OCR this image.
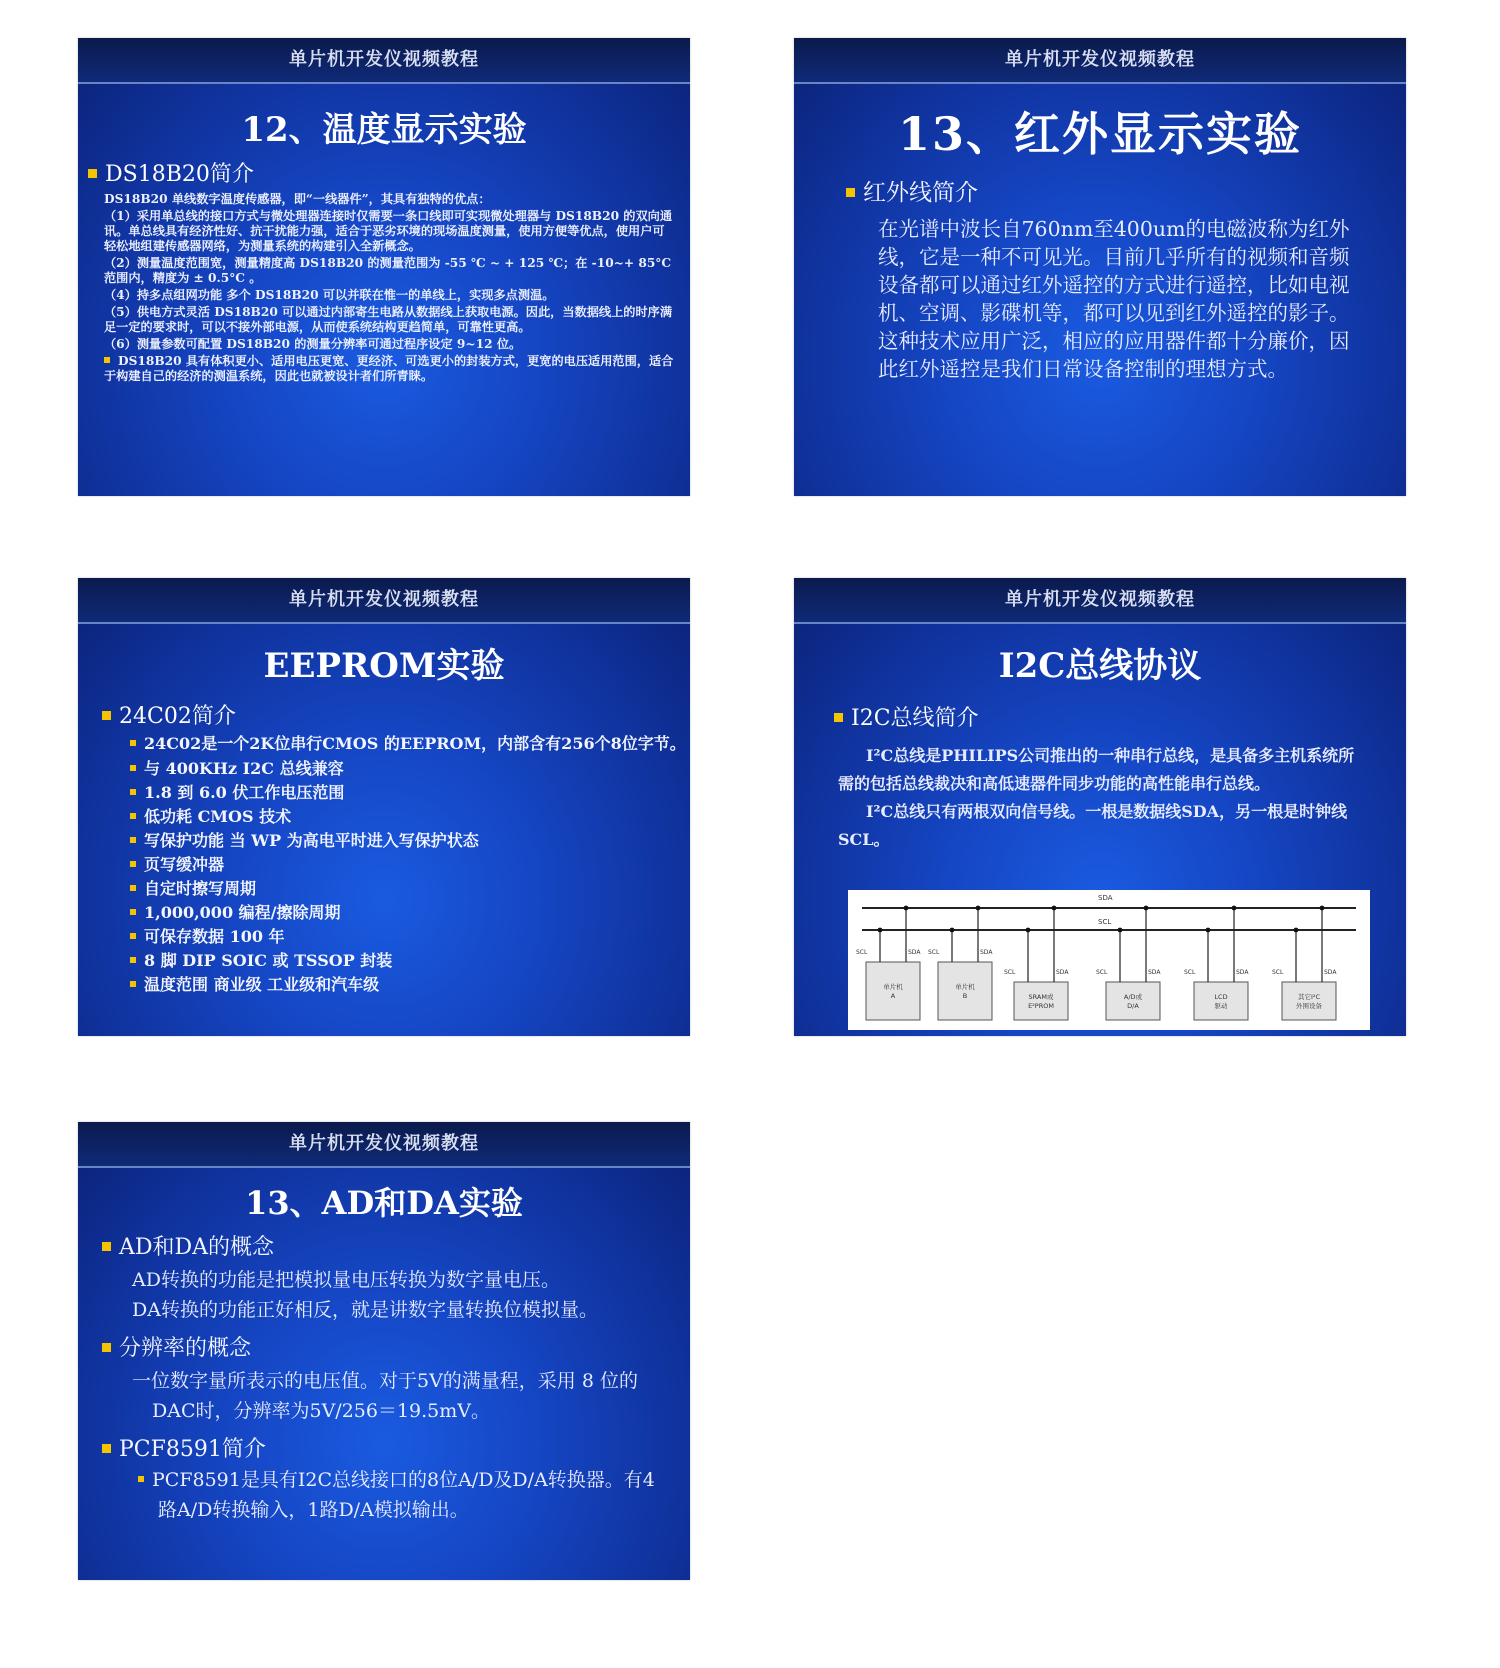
单片机开发仪视频教程
12、温度显示实验
DS18B20简介

DS18B20 单线数字温度传感器，即“一线器件”，其具有独特的优点：

（1）采用单总线的接口方式与微处理器连接时仅需要一条口线即可实现微处理器与 DS18B20 的双向通讯。单总线具有经济性好、抗干扰能力强，适合于恶劣环境的现场温度测量，使用方便等优点，使用户可轻松地组建传感器网络，为测量系统的构建引入全新概念。

（2）测量温度范围宽，测量精度高 DS18B20 的测量范围为 -55 ℃ ~ + 125 ℃；在 -10~+ 85°C 范围内，精度为 ± 0.5°C 。

（4）持多点组网功能 多个 DS18B20 可以并联在惟一的单线上，实现多点测温。

（5）供电方式灵活 DS18B20 可以通过内部寄生电路从数据线上获取电源。因此，当数据线上的时序满足一定的要求时，可以不接外部电源，从而使系统结构更趋简单，可靠性更高。

（6）测量参数可配置 DS18B20 的测量分辨率可通过程序设定 9~12 位。

DS18B20 具有体积更小、适用电压更宽、更经济、可选更小的封装方式，更宽的电压适用范围，适合于构建自己的经济的测温系统，因此也就被设计者们所青睐。

单片机开发仪视频教程
13、红外显示实验
红外线简介
在光谱中波长自760nm至400um的电磁波称为红外线，它是一种不可见光。目前几乎所有的视频和音频设备都可以通过红外遥控的方式进行遥控，比如电视机、空调、影碟机等，都可以见到红外遥控的影子。这种技术应用广泛，相应的应用器件都十分廉价，因此红外遥控是我们日常设备控制的理想方式。
单片机开发仪视频教程
EEPROM实验
24C02简介
24C02是一个2K位串行CMOS 的EEPROM，内部含有256个8位字节。
与 400KHz I2C 总线兼容
1.8 到 6.0 伏工作电压范围
低功耗 CMOS 技术
写保护功能 当 WP 为高电平时进入写保护状态
页写缓冲器
自定时擦写周期
1,000,000 编程/擦除周期
可保存数据 100 年
8 脚 DIP SOIC 或 TSSOP 封装
温度范围 商业级 工业级和汽车级
单片机开发仪视频教程
I2C总线协议
I2C总线简介

I²C总线是PHILIPS公司推出的一种串行总线，是具备多主机系统所需的包括总线裁决和高低速器件同步功能的高性能串行总线。

I²C总线只有两根双向信号线。一根是数据线SDA，另一根是时钟线SCL。

SDA
SCL
SCL	SDA
单片机
A
SCL	SDA
单片机
B
SCL	SDA
SRAM或
E²PROM
SCL	SDA
A/D或
D/A
SCL	SDA
LCD
驱动
SCL	SDA
其它I²C
外围设备
单片机开发仪视频教程
13、AD和DA实验
AD和DA的概念

AD转换的功能是把模拟量电压转换为数字量电压。

DA转换的功能正好相反，就是讲数字量转换位模拟量。

分辨率的概念

一位数字量所表示的电压值。对于5V的满量程，采用 8 位的DAC时，分辨率为5V/256＝19.5mV。

PCF8591简介
PCF8591是具有I2C总线接口的8位A/D及D/A转换器。有4路A/D转换输入，1路D/A模拟输出。
